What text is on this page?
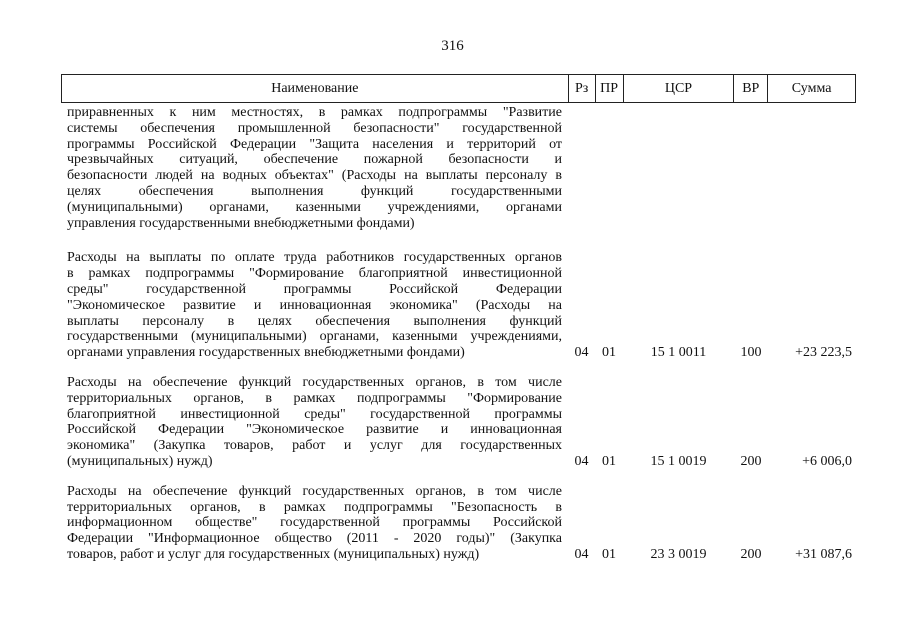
316
Наименование	Рз ПР	ЦСР	ВР	Сумма
приравненных к ним местностях, в рамках подпрограммы "Развитие
системы обеспечения промышленной безопасности" государственной
программы Российской Федерации "Защита населения и территорий от
чрезвычайных ситуаций, обеспечение пожарной безопасности и
безопасности людей на водных объектах" (Расходы на выплаты персоналу в
целях обеспечения выполнения функций государственными
(муниципальными) органами, казенными учреждениями, органами
управления государственными внебюджетными фондами)
Расходы на выплаты по оплате труда работников государственных органов
в рамках подпрограммы "Формирование благоприятной инвестиционной
среды" государственной программы Российской Федерации
"Экономическое развитие и инновационная экономика" (Расходы на
выплаты персоналу в целях обеспечения выполнения функций
государственными (муниципальными) органами, казенными учреждениями,
органами управления государственных внебюджетными фондами)	04 01	15 1 0011	100	+23 223,5
Расходы на обеспечение функций государственных органов, в том числе
территориальных органов, в рамках подпрограммы "Формирование
благоприятной инвестиционной среды" государственной программы
Российской Федерации "Экономическое развитие и инновационная
экономика" (Закупка товаров, работ и услуг для государственных
(муниципальных) нужд)	04 01	15 1 0019	200	+6 006,0
Расходы на обеспечение функций государственных органов, в том числе
территориальных органов, в рамках подпрограммы "Безопасность в
информационном обществе" государственной программы Российской
Федерации "Информационное общество (2011 - 2020 годы)" (Закупка
товаров, работ и услуг для государственных (муниципальных) нужд)	04 01	23 3 0019	200	+31 087,6
